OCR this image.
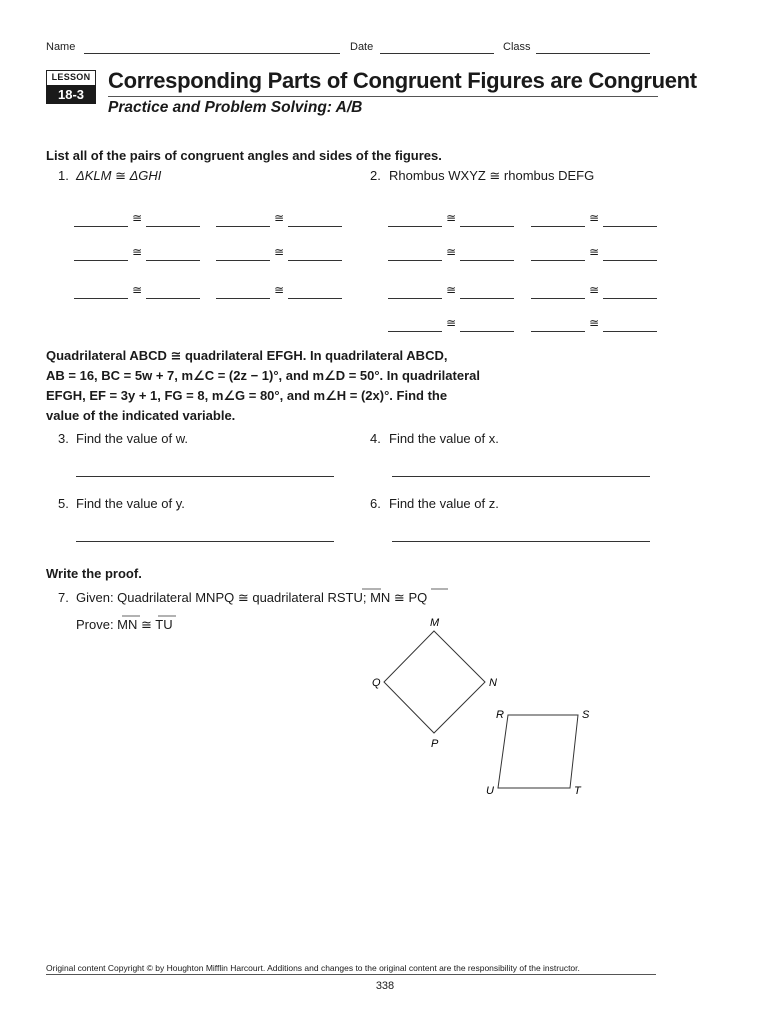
Name	Date	Class
LESSON
18-3
Corresponding Parts of Congruent Figures are Congruent
Practice and Problem Solving: A/B
List all of the pairs of congruent angles and sides of the figures.
1. ΔKLM ≅ ΔGHI	2. Rhombus WXYZ ≅ rhombus DEFG
≅	≅
≅	≅
≅	≅
≅	≅
≅	≅
≅	≅
≅	≅
Quadrilateral ABCD ≅ quadrilateral EFGH. In quadrilateral ABCD,
AB = 16, BC = 5w + 7, m∠C = (2z − 1)°, and m∠D = 50°. In quadrilateral
EFGH, EF = 3y + 1, FG = 8, m∠G = 80°, and m∠H = (2x)°. Find the
value of the indicated variable.
3. Find the value of w.	4. Find the value of x.
5. Find the value of y.	6. Find the value of z.
Write the proof.
7. Given: Quadrilateral MNPQ ≅ quadrilateral RSTU; MN ≅ PQ
Prove: MN ≅ TU	M
N
P
Q
R	S
T
U
Original content Copyright © by Houghton Mifflin Harcourt. Additions and changes to the original content are the responsibility of the instructor.
338
